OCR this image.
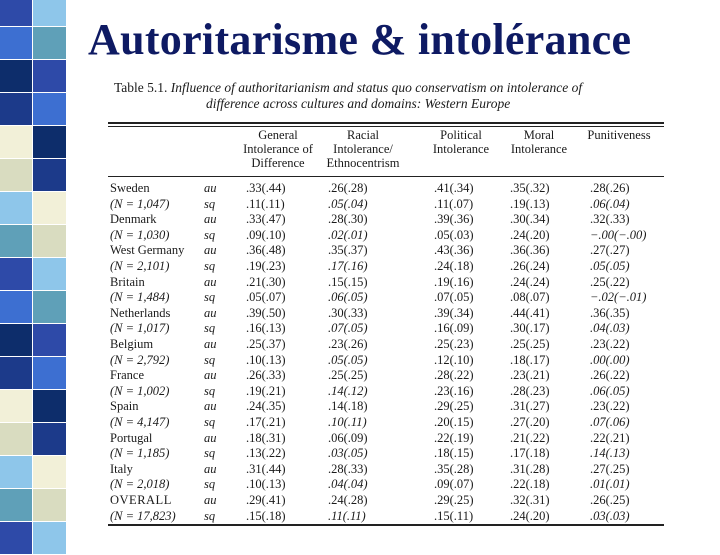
Autoritarisme & intolérance
Table 5.1. Influence of authoritarianism and status quo conservatism on intolerance of
difference across cultures and domains: Western Europe
General
Intolerance of
Difference
Racial
Intolerance/
Ethnocentrism
Political
Intolerance
Moral
Intolerance
Punitiveness
Sweden	au .33(.44)	.26(.28)	.41(.34)	.35(.32)	.28(.26)
(N = 1,047)	sq .11(.11)	.05(.04)	.11(.07)	.19(.13)	.06(.04)
Denmark	au .33(.47)	.28(.30)	.39(.36)	.30(.34)	.32(.33)
(N = 1,030)	sq .09(.10)	.02(.01)	.05(.03)	.24(.20)	−.00(−.00)
West Germany au .36(.48)	.35(.37)	.43(.36)	.36(.36)	.27(.27)
(N = 2,101)	sq .19(.23)	.17(.16)	.24(.18)	.26(.24)	.05(.05)
Britain	au .21(.30)	.15(.15)	.19(.16)	.24(.24)	.25(.22)
(N = 1,484)	sq .05(.07)	.06(.05)	.07(.05)	.08(.07)	−.02(−.01)
Netherlands	au .39(.50)	.30(.33)	.39(.34)	.44(.41)	.36(.35)
(N = 1,017)	sq .16(.13)	.07(.05)	.16(.09)	.30(.17)	.04(.03)
Belgium	au .25(.37)	.23(.26)	.25(.23)	.25(.25)	.23(.22)
(N = 2,792)	sq .10(.13)	.05(.05)	.12(.10)	.18(.17)	.00(.00)
France	au .26(.33)	.25(.25)	.28(.22)	.23(.21)	.26(.22)
(N = 1,002)	sq .19(.21)	.14(.12)	.23(.16)	.28(.23)	.06(.05)
Spain	au .24(.35)	.14(.18)	.29(.25)	.31(.27)	.23(.22)
(N = 4,147)	sq .17(.21)	.10(.11)	.20(.15)	.27(.20)	.07(.06)
Portugal	au .18(.31)	.06(.09)	.22(.19)	.21(.22)	.22(.21)
(N = 1,185)	sq .13(.22)	.03(.05)	.18(.15)	.17(.18)	.14(.13)
Italy	au .31(.44)	.28(.33)	.35(.28)	.31(.28)	.27(.25)
(N = 2,018)	sq .10(.13)	.04(.04)	.09(.07)	.22(.18)	.01(.01)
OVERALL	au .29(.41)	.24(.28)	.29(.25)	.32(.31)	.26(.25)
(N = 17,823) sq .15(.18)	.11(.11)	.15(.11)	.24(.20)	.03(.03)
